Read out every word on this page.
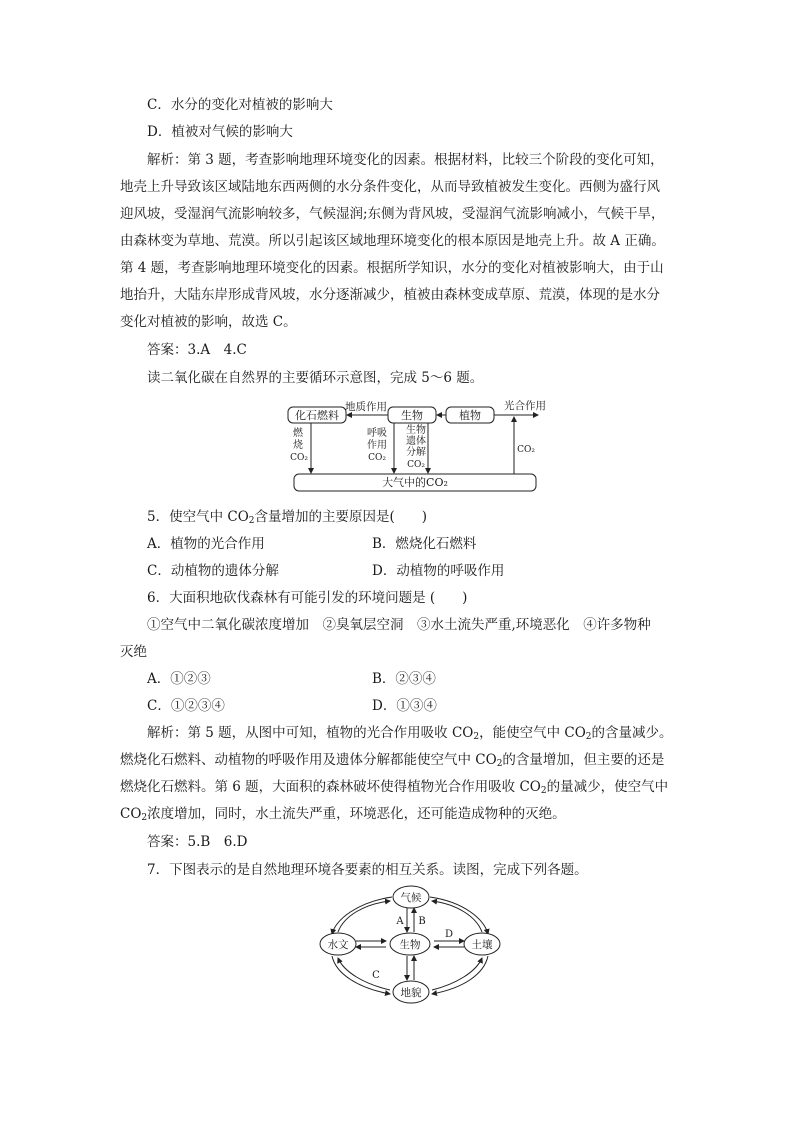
C．水分的变化对植被的影响大
D．植被对气候的影响大
解析：第 3 题，考查影响地理环境变化的因素。根据材料，比较三个阶段的变化可知，
地壳上升导致该区域陆地东西两侧的水分条件变化，从而导致植被发生变化。西侧为盛行风
迎风坡，受湿润气流影响较多，气候湿润;东侧为背风坡，受湿润气流影响减小，气候干旱，
由森林变为草地、荒漠。所以引起该区域地理环境变化的根本原因是地壳上升。故 A 正确。
第 4 题，考查影响地理环境变化的因素。根据所学知识，水分的变化对植被影响大，由于山
地抬升，大陆东岸形成背风坡，水分逐渐减少，植被由森林变成草原、荒漠，体现的是水分
变化对植被的影响，故选 C。
答案：3.A　4.C
读二氧化碳在自然界的主要循环示意图，完成 5～6 题。
化石燃料	生物	植物
大气中的CO₂
地质作用	光合作用
燃
烧
CO₂
呼吸
作用
CO₂
生物
遗体
分解
CO₂
CO₂
5．使空气中 $CO_2$含量增加的主要原因是(　　)
A．植物的光合作用	B．燃烧化石燃料
C．动植物的遗体分解	D．动植物的呼吸作用
6．大面积地砍伐森林有可能引发的环境问题是 (　　)
①空气中二氧化碳浓度增加　②臭氧层空洞　③水土流失严重,环境恶化　④许多物种
灭绝
A．①②③	B．②③④
C．①②③④	D．①③④
解析：第 5 题，从图中可知，植物的光合作用吸收 $CO_2$，能使空气中 $CO_2$的含量减少。
燃烧化石燃料、动植物的呼吸作用及遗体分解都能使空气中 $CO_2$的含量增加，但主要的还是
燃烧化石燃料。第 6 题，大面积的森林破坏使得植物光合作用吸收 $CO_2$的量减少，使空气中
$CO_2$浓度增加，同时，水土流失严重，环境恶化，还可能造成物种的灭绝。
答案：5.B　6.D
7．下图表示的是自然地理环境各要素的相互关系。读图，完成下列各题。
气候
水文	生物	土壤
地貌
A B
C
D
